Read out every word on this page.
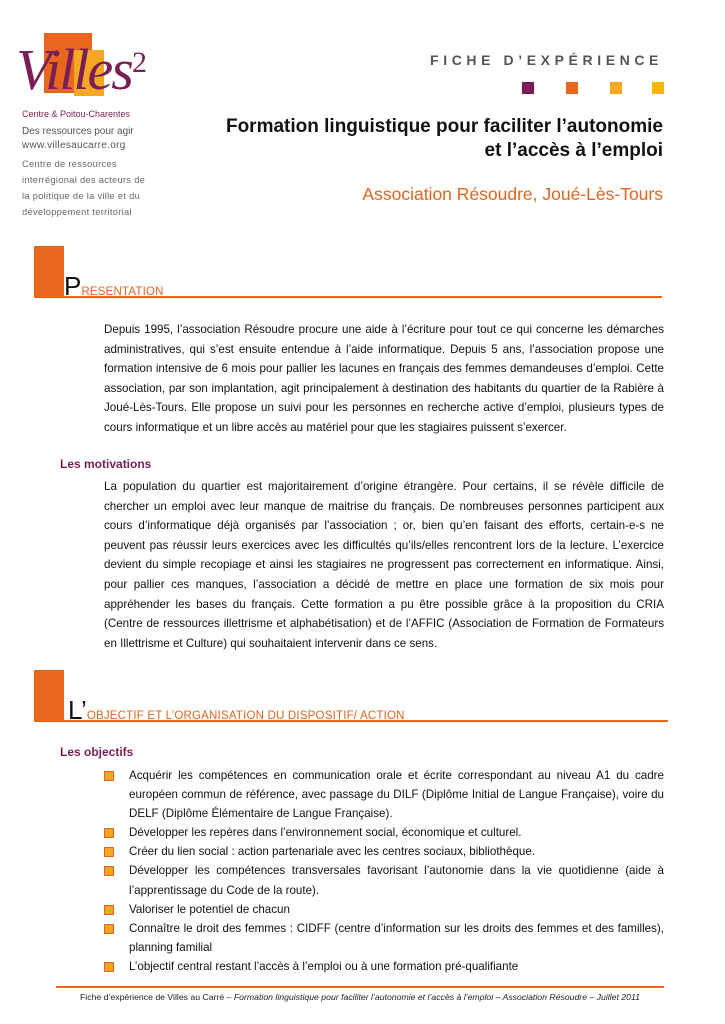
Villes 2
Centre & Poitou-Charentes
Des ressources pour agir
www.villesaucarre.org
Centre de ressources interrégional des acteurs de la politique de la ville et du développement territorial
FICHE D’EXPÉRIENCE
Formation linguistique pour faciliter l’autonomie
et l’accès à l’emploi
Association Résoudre, Joué-Lès-Tours
PRESENTATION
Depuis 1995, l’association Résoudre procure une aide à l’écriture pour tout ce qui concerne les démarches administratives, qui s’est ensuite entendue à l’aide informatique. Depuis 5 ans, l’association propose une formation intensive de 6 mois pour pallier les lacunes en français des femmes demandeuses d’emploi. Cette association, par son implantation, agit principalement à destination des habitants du quartier de la Rabière à Joué-Lès-Tours. Elle propose un suivi pour les personnes en recherche active d’emploi, plusieurs types de cours informatique et un libre accès au matériel pour que les stagiaires puissent s’exercer.
Les motivations
La population du quartier est majoritairement d’origine étrangère. Pour certains, il se révèle difficile de chercher un emploi avec leur manque de maitrise du français. De nombreuses personnes participent aux cours d’informatique déjà organisés par l’association ; or, bien qu’en faisant des efforts, certain-e-s ne peuvent pas réussir leurs exercices avec les difficultés qu’ils/elles rencontrent lors de la lecture. L’exercice devient du simple recopiage et ainsi les stagiaires ne progressent pas correctement en informatique. Ainsi, pour pallier ces manques, l’association a décidé de mettre en place une formation de six mois pour appréhender les bases du français. Cette formation a pu être possible grâce à la proposition du CRIA (Centre de ressources illettrisme et alphabétisation) et de l’AFFIC (Association de Formation de Formateurs en Illettrisme et Culture) qui souhaitaient intervenir dans ce sens.
L’OBJECTIF ET L’ORGANISATION DU DISPOSITIF/ ACTION
Les objectifs
Acquérir les compétences en communication orale et écrite correspondant au niveau A1 du cadre européen commun de référence, avec passage du DILF (Diplôme Initial de Langue Française), voire du DELF (Diplôme Élémentaire de Langue Française).
Développer les repères dans l’environnement social, économique et culturel.
Créer du lien social : action partenariale avec les centres sociaux, bibliothèque.
Développer les compétences transversales favorisant l’autonomie dans la vie quotidienne (aide à l’apprentissage du Code de la route).
Valoriser le potentiel de chacun
Connaître le droit des femmes : CIDFF (centre d’information sur les droits des femmes et des familles), planning familial
L’objectif central restant l’accès à l’emploi ou à une formation pré-qualifiante
Fiche d’expérience de Villes au Carré – Formation linguistique pour faciliter l’autonomie et l’accès à l’emploi – Association Résoudre – Juillet 2011
